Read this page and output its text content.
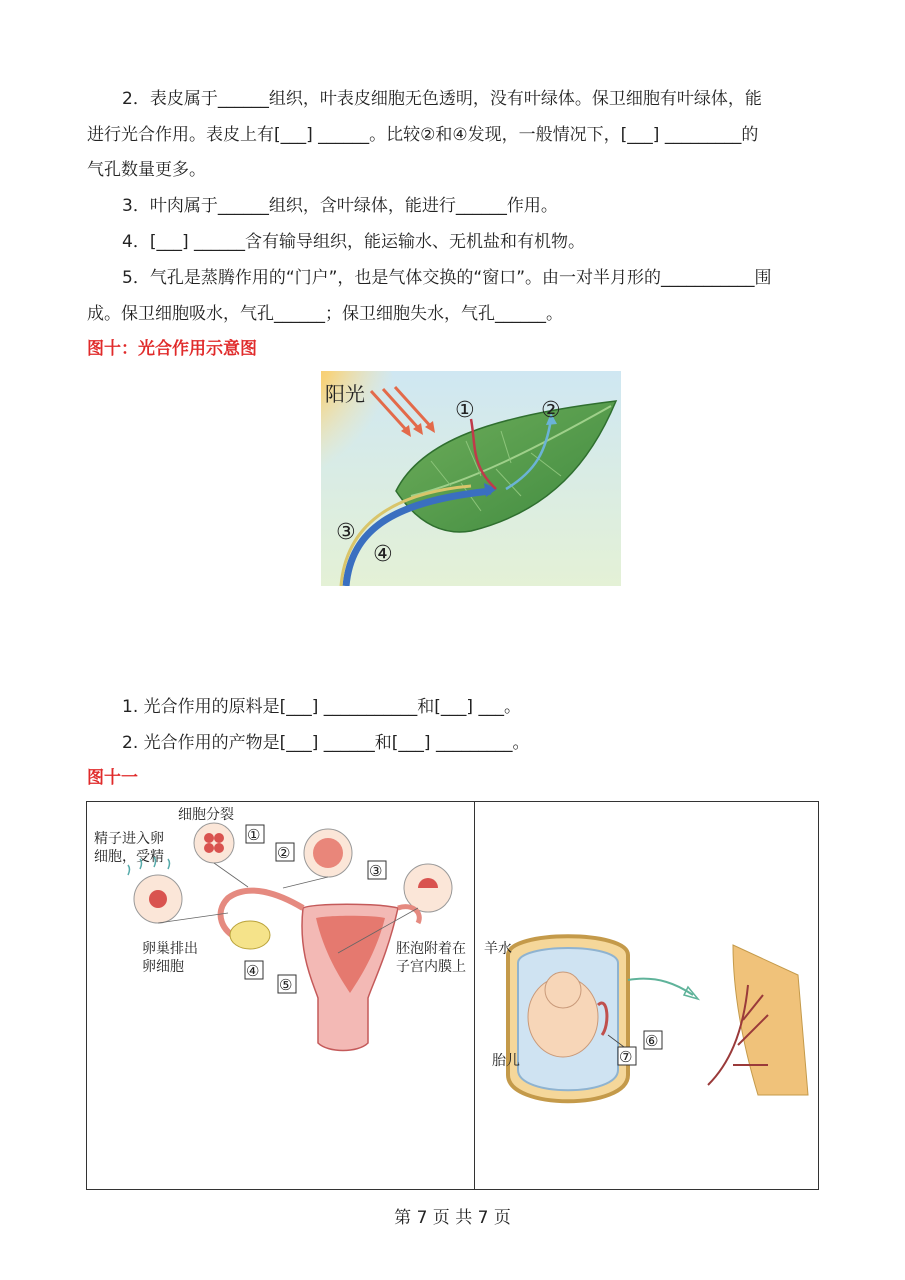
2．表皮属于______组织，叶表皮细胞无色透明，没有叶绿体。保卫细胞有叶绿体，能
进行光合作用。表皮上有[___] ______。比较②和④发现，一般情况下，[___] _________的
气孔数量更多。
3．叶肉属于______组织，含叶绿体，能进行______作用。
4．[___] ______含有输导组织，能运输水、无机盐和有机物。
5．气孔是蒸腾作用的“门户”，也是气体交换的“窗口”。由一对半月形的___________围
成。保卫细胞吸水，气孔______；保卫细胞失水，气孔______。
图十：光合作用示意图
阳光
①	②
③
④
1. 光合作用的原料是[___] ___________和[___] ___。
2. 光合作用的产物是[___] ______和[___] _________。
图十一
细胞分裂
精子进入卵
细胞，受精
卵巢排出
卵细胞
胚泡附着在
子宫内膜上
①
②
③
④
⑤
羊水
胎儿
⑥
⑦
第 7 页 共 7 页
